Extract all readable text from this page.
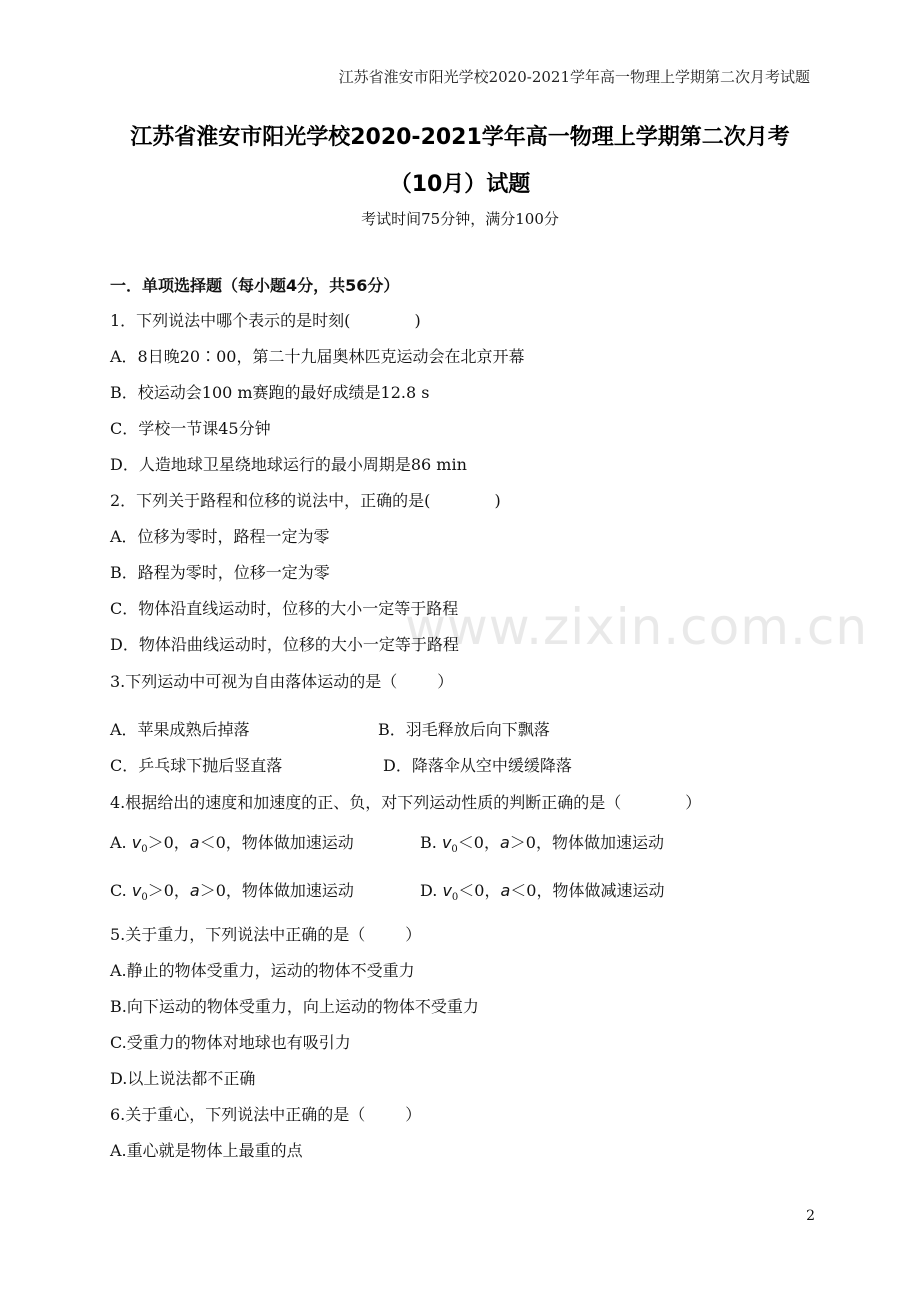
www.zixin.com.cn
江苏省淮安市阳光学校2020-2021学年高一物理上学期第二次月考试题
江苏省淮安市阳光学校2020-2021学年高一物理上学期第二次月考
（10月）试题
考试时间75分钟，满分100分
一．单项选择题（每小题4分，共56分）
1．下列说法中哪个表示的是时刻(	)
A．8日晚20∶00，第二十九届奥林匹克运动会在北京开幕
B．校运动会100 m赛跑的最好成绩是12.8 s
C．学校一节课45分钟
D．人造地球卫星绕地球运行的最小周期是86 min
2．下列关于路程和位移的说法中，正确的是(	)
A．位移为零时，路程一定为零
B．路程为零时，位移一定为零
C．物体沿直线运动时，位移的大小一定等于路程
D．物体沿曲线运动时，位移的大小一定等于路程
3.下列运动中可视为自由落体运动的是（	）
A．苹果成熟后掉落	B．羽毛释放后向下飘落
C．乒乓球下抛后竖直落	D．降落伞从空中缓缓降落
4.根据给出的速度和加速度的正、负，对下列运动性质的判断正确的是（	）
A. $v_0>0$，a＜0，物体做加速运动	B. $v_0<0$，a＞0，物体做加速运动
C. $v_0>0$，a＞0，物体做加速运动	D. $v_0<0$，a＜0，物体做减速运动
5.关于重力，下列说法中正确的是（	）
A.静止的物体受重力，运动的物体不受重力
B.向下运动的物体受重力，向上运动的物体不受重力
C.受重力的物体对地球也有吸引力
D.以上说法都不正确
6.关于重心，下列说法中正确的是（	）
A.重心就是物体上最重的点
2
